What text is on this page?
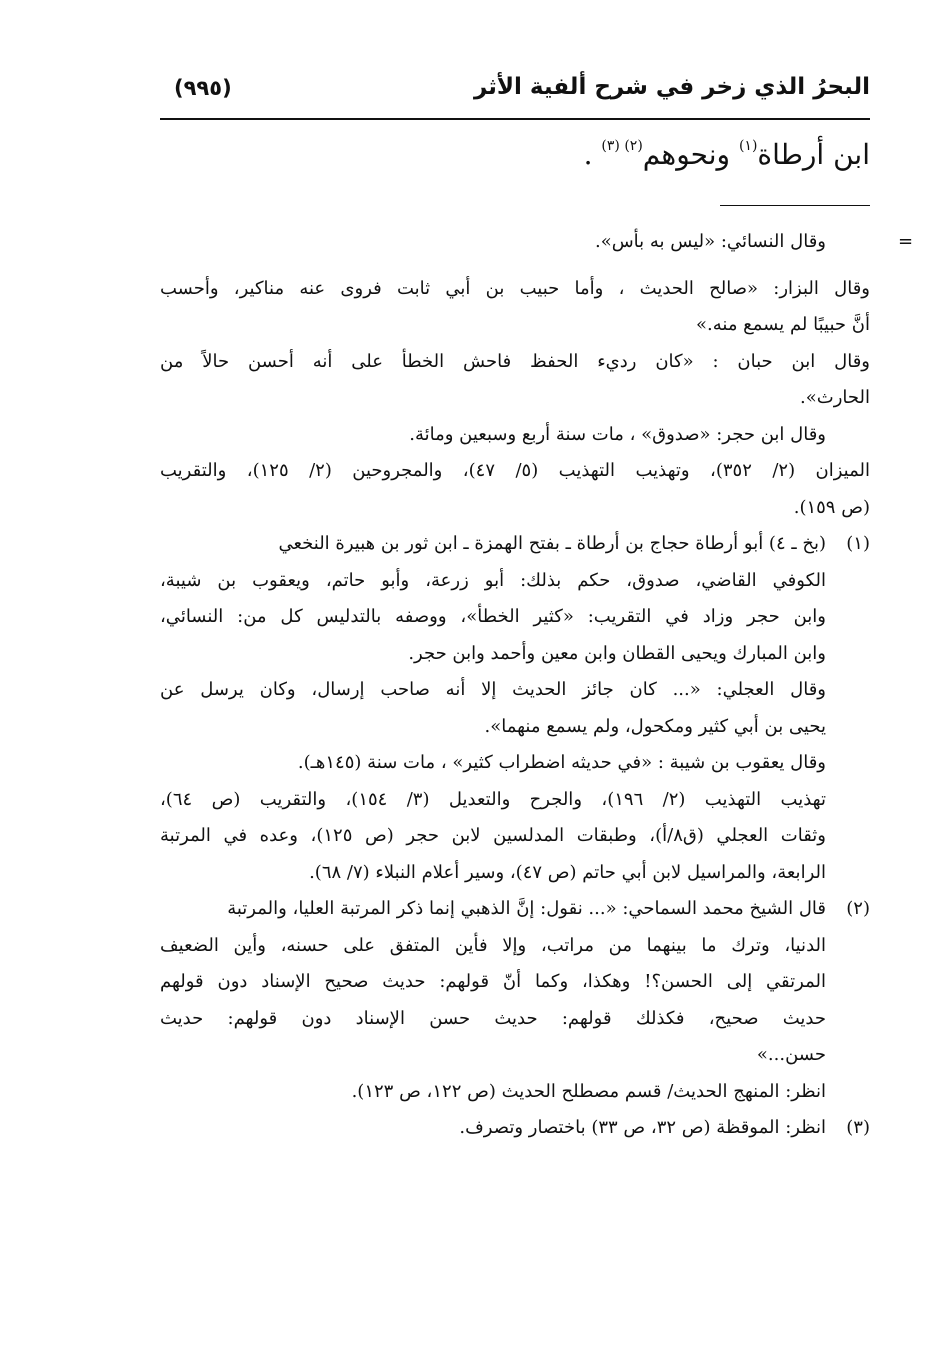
البحرُ الذي زخر في شرح ألفية الأثر
(٩٩٥)
ابن أرطاة$^{(١)}$ ونحوهم$^{(٢) (٣)}$ .
=
وقال النسائي: «ليس به بأس».
وقال البزار: «صالح الحديث ، وأما حبيب بن أبي ثابت فروى عنه مناكير، وأحسب
أنَّ حبيبًا لم يسمع منه.»
وقال ابن حبان : «كان رديء الحفظ فاحش الخطأ على أنه أحسن حالاً من
الحارث».
وقال ابن حجر: «صدوق» ، مات سنة أربع وسبعين ومائة.
الميزان (٢/ ٣٥٢)، وتهذيب التهذيب (٥/ ٤٧)، والمجروحين (٢/ ١٢٥)، والتقريب
(ص ١٥٩).
(١)(بخ ـ ٤) أبو أرطاة حجاج بن أرطاة ـ بفتح الهمزة ـ ابن ثور بن هبيرة النخعي
الكوفي القاضي، صدوق، حكم بذلك: أبو زرعة، وأبو حاتم، ويعقوب بن شيبة،
وابن حجر وزاد في التقريب: «كثير الخطأ»، ووصفه بالتدليس كل من: النسائي،
وابن المبارك ويحيى القطان وابن معين وأحمد وابن حجر.
وقال العجلي: «... كان جائز الحديث إلا أنه صاحب إرسال، وكان يرسل عن
يحيى بن أبي كثير ومكحول، ولم يسمع منهما».
وقال يعقوب بن شيبة : «في حديثه اضطراب كثير» ، مات سنة (١٤٥هـ).
تهذيب التهذيب (٢/ ١٩٦)، والجرح والتعديل (٣/ ١٥٤)، والتقريب (ص ٦٤)،
وثقات العجلي (ق٨/أ)، وطبقات المدلسين لابن حجر (ص ١٢٥)، وعده في المرتبة
الرابعة، والمراسيل لابن أبي حاتم (ص ٤٧)، وسير أعلام النبلاء (٧/ ٦٨).
(٢)قال الشيخ محمد السماحي: «... نقول: إنَّ الذهبي إنما ذكر المرتبة العليا، والمرتبة
الدنيا، وترك ما بينهما من مراتب، وإلا فأين المتفق على حسنه، وأين الضعيف
المرتقي إلى الحسن؟! وهكذا، وكما أنّ قولهم: حديث صحيح الإسناد دون قولهم
حديث صحيح، فكذلك قولهم: حديث حسن الإسناد دون قولهم: حديث
حسن...»
انظر: المنهج الحديث/ قسم مصطلح الحديث (ص ١٢٢، ص ١٢٣).
(٣)انظر: الموقظة (ص ٣٢، ص ٣٣) باختصار وتصرف.
